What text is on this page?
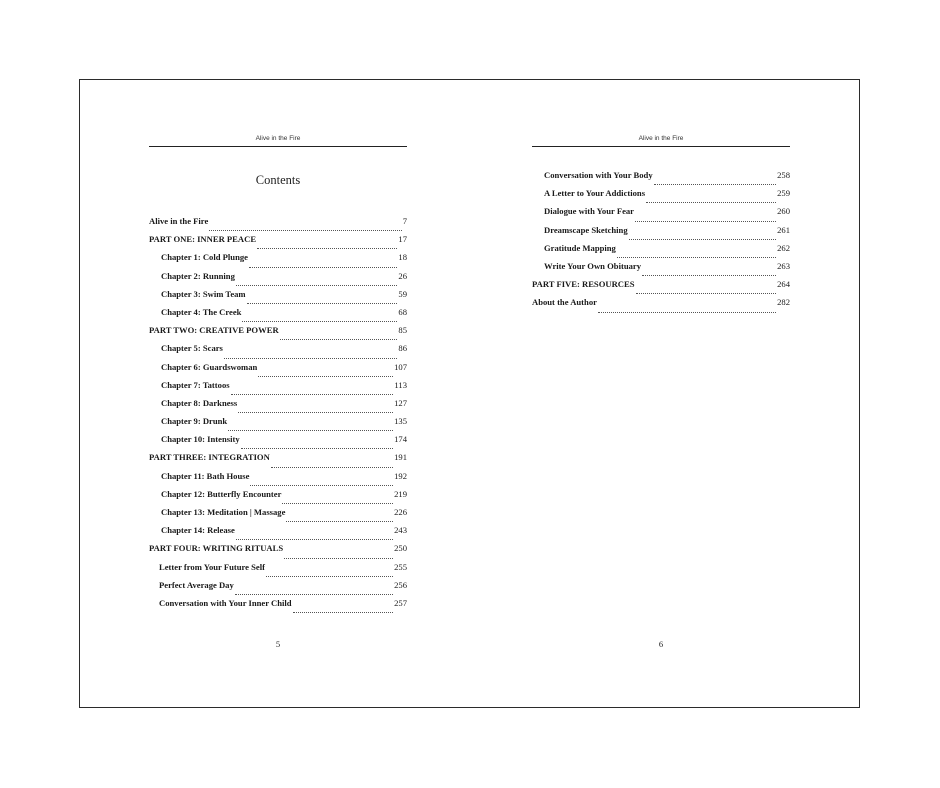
Alive in the Fire	Alive in the Fire
Contents
Alive in the Fire	7
PART ONE: INNER PEACE	17
Chapter 1: Cold Plunge	18
Chapter 2: Running	26
Chapter 3: Swim Team	59
Chapter 4: The Creek	68
PART TWO: CREATIVE POWER	85
Chapter 5: Scars	86
Chapter 6: Guardswoman	107
Chapter 7: Tattoos	113
Chapter 8: Darkness	127
Chapter 9: Drunk	135
Chapter 10: Intensity	174
PART THREE: INTEGRATION	191
Chapter 11: Bath House	192
Chapter 12: Butterfly Encounter	219
Chapter 13: Meditation | Massage	226
Chapter 14: Release	243
PART FOUR: WRITING RITUALS	250
Letter from Your Future Self	255
Perfect Average Day	256
Conversation with Your Inner Child	257
Conversation with Your Body	258
A Letter to Your Addictions	259
Dialogue with Your Fear	260
Dreamscape Sketching	261
Gratitude Mapping	262
Write Your Own Obituary	263
PART FIVE: RESOURCES	264
About the Author	282
5	6
